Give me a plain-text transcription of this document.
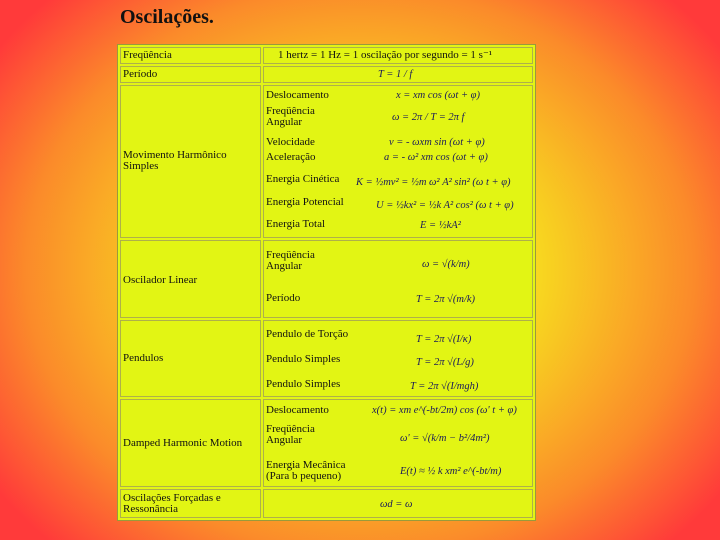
Oscilações.
Freqüência	1 hertz = 1 Hz = 1 oscilação por segundo = 1 s⁻¹
Período	T = 1 / f
Movimento Harmônico Simples
Deslocamento	x = xm cos (ωt + φ)
Freqüência Angular	ω = 2π / T = 2π f
Velocidade	v = - ωxm sin (ωt + φ)
Aceleração	a = - ω² xm cos (ωt + φ)
Energia Cinética K = ½mv² = ½m ω² A² sin² (ω t + φ)
Energia Potencial	U = ½kx² = ½k A² cos² (ω t + φ)
Energia Total	E = ½kA²
Oscilador Linear
Freqüência Angular	ω = √(k/m)
Período	T = 2π √(m/k)
Pendulos
Pendulo de Torção	T = 2π √(I/κ)
Pendulo Simples	T = 2π √(L/g)
Pendulo Simples	T = 2π √(I/mgh)
Damped Harmonic Motion
Deslocamento	x(t) = xm e^(-bt/2m) cos (ω' t + φ)
Freqüência Angular	ω' = √(k/m − b²/4m²)
Energia Mecânica (Para b pequeno)	E(t) ≈ ½ k xm² e^(-bt/m)
Oscilações Forçadas e Ressonância	ωd = ω
